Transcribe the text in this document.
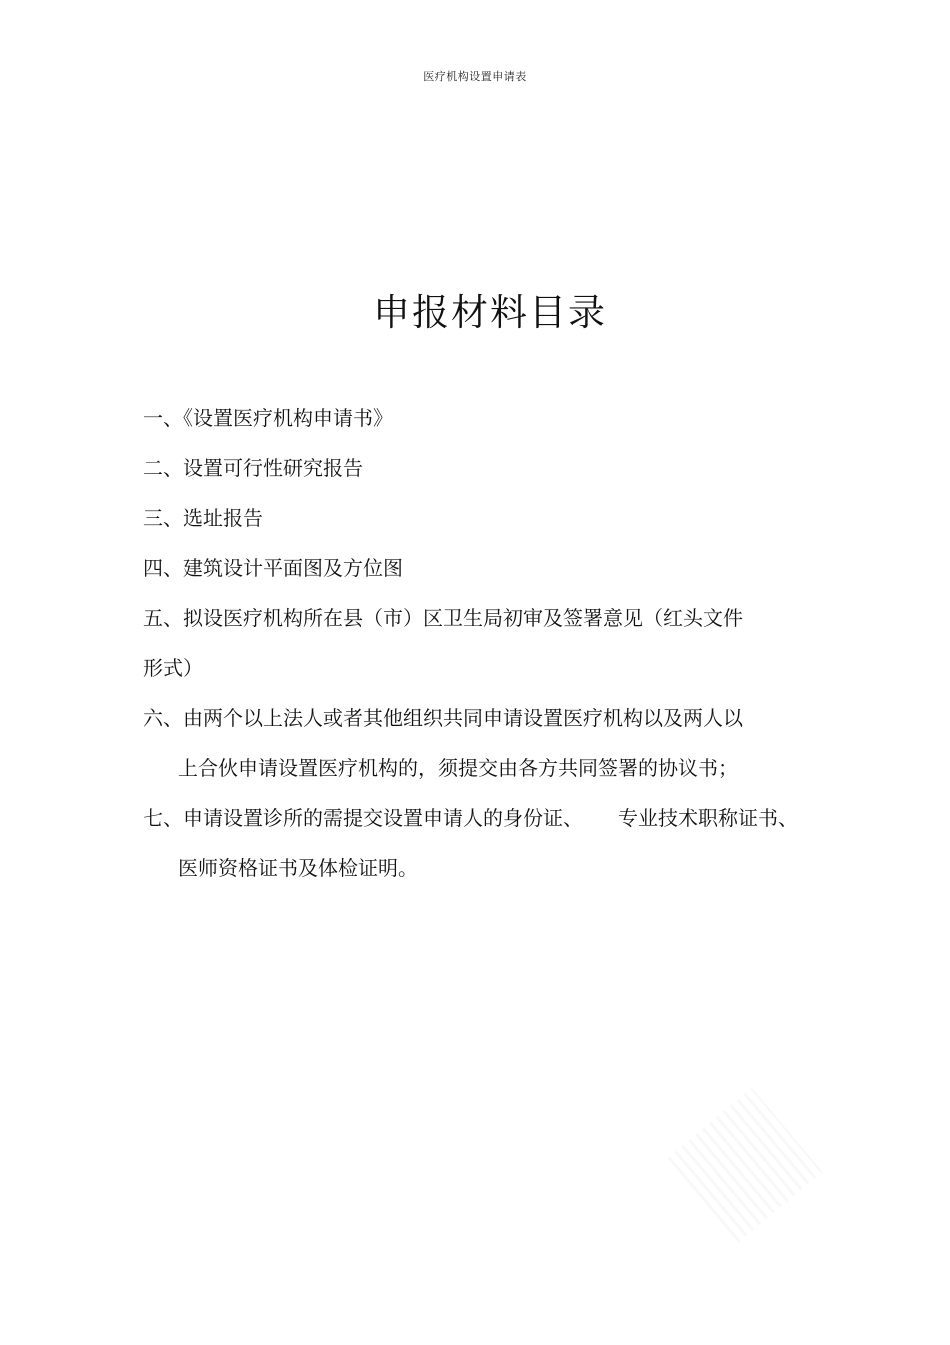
医疗机构设置申请表
申报材料目录
一、《设置医疗机构申请书》
二、设置可行性研究报告
三、选址报告
四、建筑设计平面图及方位图
五、拟设医疗机构所在县（市）区卫生局初审及签署意见（红头文件
形式）
六、由两个以上法人或者其他组织共同申请设置医疗机构以及两人以
上合伙申请设置医疗机构的，须提交由各方共同签署的协议书；
七、申请设置诊所的需提交设置申请人的身份证、 专业技术职称证书、
医师资格证书及体检证明。
